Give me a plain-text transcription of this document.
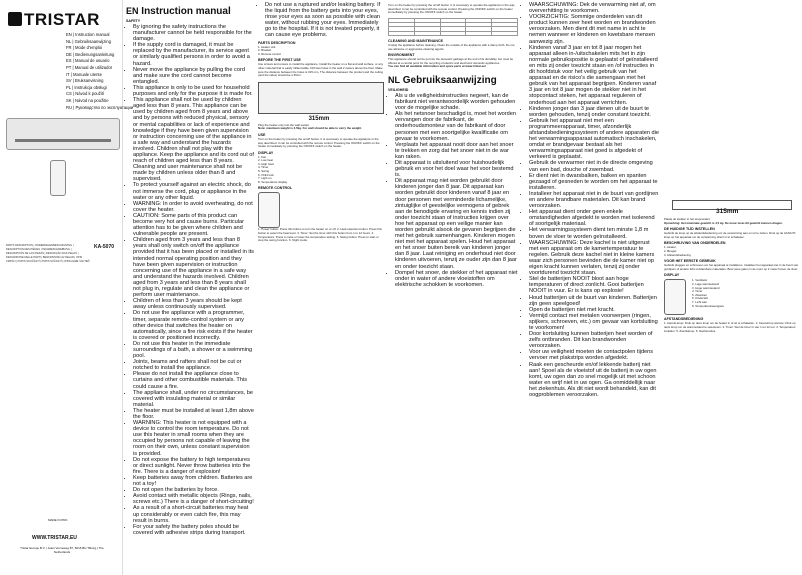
TRISTAR
EN | Instruction manual
NL | Gebruiksaanwijzing
FR | Mode d'emploi
DE | Bedienungsanleitung
ES | Manual de usuario
PT | Manual de utilizador
IT | Manuale utente
SV | Bruksanvisning
PL | Instrukcja obsługi
CS | Návod k použití
SK | Návod na použitie
RU | Руководство по эксплуатации
KA-5070
PARTS DESCRIPTION | ONDERDELENBESCHRIJVING | DESCRIPTION DES PIÈCES | TEILEBESCHREIBUNG | DESCRIPCIÓN DE LAS PIEZAS | DESCRIÇÃO DAS PEÇAS | DESCRIZIONE DELLE PARTI | BESKRIVNING AV DELAR | OPIS CZĘŚCI | POPIS SOUČÁSTÍ | POPIS SÚČASTÍ | ОПИСАНИЕ ЧАСТЕЙ
MADE IN PRC
WWW.TRISTAR.EU
Tristar Europe B.V. | Jules Verneweg 87, 5015 BH Tilburg | The Netherlands
EN Instruction manual
SAFETY
• By ignoring the safety instructions the manufacturer cannot be held responsible for the damage.
• If the supply cord is damaged, it must be replaced by the manufacturer, its service agent or similarly qualified persons in order to avoid a hazard.
• Never move the appliance by pulling the cord and make sure the cord cannot become entangled.
• This appliance is only to be used for household purposes and only for the purpose it is made for.
• This appliance shall not be used by children aged less than 8 years. This appliance can be used by children aged from 8 years and above and by persons with reduced physical, sensory or mental capabilities or lack of experience and knowledge if they have been given supervision or instruction concerning use of the appliance in a safe way and understand the hazards involved. Children shall not play with the appliance. Keep the appliance and its cord out of reach of children aged less than 8 years. Cleaning and user maintenance shall not be made by children unless older than 8 and supervised.
• To protect yourself against an electric shock, do not immerse the cord, plug or appliance in the water or any other liquid.
• WARNING: In order to avoid overheating, do not cover the heater.
• CAUTION: Some parts of this product can become very hot and cause burns. Particular attention has to be given where children and vulnerable people are present.
• Children aged from 3 years and less than 8 years shall only switch on/off the appliance provided that it has been placed or installed in its intended normal operating position and they have been given supervision or instruction concerning use of the appliance in a safe way and understand the hazards involved. Children aged from 3 years and less than 8 years shall not plug in, regulate and clean the appliance or perform user maintenance.
• Children of less than 3 years should be kept away unless continuously supervised.
• Do not use the appliance with a programmer, timer, separate remote-control system or any other device that switches the heater on automatically, since a fire risk exists if the heater is covered or positioned incorrectly.
• Do not use this heater in the immediate surroundings of a bath, a shower or a swimming pool.
• Joints, beams and rafters shall not be cut or notched to install the appliance.
• Please do not install the appliance close to curtains and other combustible materials. This could cause a fire.
• The appliance shall, under no circumstances, be covered with insulating material or similar material.
• The heater must be installed at least 1,8m above the floor.
• WARNING: This heater is not equipped with a device to control the room temperature. Do not use this heater in small rooms when they are occupied by persons not capable of leaving the room on their own, unless constant supervision is provided.
• Do not expose the battery to high temperatures or direct sunlight. Never throw batteries into the fire. There is a danger of explosion!
• Keep batteries away from children. Batteries are not a toy!
• Do not open the batteries by force.
• Avoid contact with metallic objects (Rings, nails, screws etc.) There is a danger of short-circuiting!
• As a result of a short-circuit batteries may heat up considerably or even catch fire, this may result in burns.
• For your safety the battery poles should be covered with adhesive strips during transport.
• Do not use a ruptured and/or leaking battery. If the liquid from the battery gets into your eyes, rinse your eyes as soon as possible with clean water, without rubbing your eyes. Immediately go to the hospital. If it is not treated properly, it can cause eye problems.
PARTS DESCRIPTION
1. Heater unit
2. Bracket
3. Remote control
BEFORE THE FIRST USE

Use screws and ensure to install the appliance. Install the heater on a flat and wall surface, or any other material that is easily inflammable. Drill two holes in the wall 2 meters above the floor. Make sure the distance between the holes is 315 mm. The distance between the product and the ceiling (and the sides) should be ≥ 50cm.

315mm

Plug the heater only into the wall socket

Note: maximum weight is 4.5kg. For wall should be able to carry the weight.

USE

Turn on the heater by pressing the on/off button. It is necessary to operate the appliance in the way described. It can be controlled with the remote control. Pressing the ON/OFF switch on the heater immediately by pressing the ON/OFF switch on the heater.

DISPLAY
1. Fan
2. Low heat
3. High heat
4. Timer
5. Swing
6. Child lock
7. Light on
8. Temperature display
REMOTE CONTROL

1. Power button: Press this button to turn the heater on or off. 2. Heat selection button: Press this button to select the heat level. 3. Timer: Set the timer with this button from 1 to 12 hours. 4. Temperature: Press to raise or lower the temperature setting. 5. Swing button: Press to start or stop the swing function. 6. Night mode.

Turn on the heater by pressing the on/off button. It is necessary to operate the appliance in the way described. It can be controlled with the remote control. Pressing the ON/OFF switch on the heater immediately by pressing the ON/OFF switch on the heater.

CLEANING AND MAINTENANCE

Unplug the appliance before cleaning. Clean the outside of the appliance with a damp cloth. Do not use abrasive or aggressive cleaning agents.

ENVIRONMENT

This appliance should not be put into the domestic garbage at the end of its durability, but must be offered at a central point for the recycling of electric and electronic domestic appliances.

You can find all available information and spare parts at www.tristar.eu!

NL Gebruiksaanwijzing
VEILIGHEID
• Als u de veiligheidsinstructies negeert, kan de fabrikant niet verantwoordelijk worden gehouden voor de mogelijke schade.
• Als het netsnoer beschadigd is, moet het worden vervangen door de fabrikant, de onderhoudsmonteur van de fabrikant of door personen met een soortgelijke kwalificatie om gevaar te voorkomen.
• Verplaats het apparaat nooit door aan het snoer te trekken en zorg dat het snoer niet in de war kan raken.
• Dit apparaat is uitsluitend voor huishoudelijk gebruik en voor het doel waar het voor bestemd is.
• Dit apparaat mag niet worden gebruikt door kinderen jonger dan 8 jaar. Dit apparaat kan worden gebruikt door kinderen vanaf 8 jaar en door personen met verminderde lichamelijke, zintuiglijke of geestelijke vermogens of gebrek aan de benodigde ervaring en kennis indien zij onder toezicht staan of instructies krijgen over hoe het apparaat op een veilige manier kan worden gebruikt alsook de gevaren begrijpen die met het gebruik samenhangen. Kinderen mogen niet met het apparaat spelen. Houd het apparaat en het snoer buiten bereik van kinderen jonger dan 8 jaar. Laat reiniging en onderhoud niet door kinderen uitvoeren, tenzij ze ouder zijn dan 8 jaar en onder toezicht staan.
• Dompel het snoer, de stekker of het apparaat niet onder in water of andere vloeistoffen om elektrische schokken te voorkomen.
• WAARSCHUWING: Dek de verwarming niet af, om oververhitting te voorkomen.
• VOORZICHTIG: Sommige onderdelen van dit product kunnen zeer heet worden en brandwonden veroorzaken. Men dient dit met name in acht te nemen wanneer er kinderen en kwetsbare mensen aanwezig zijn.
• Kinderen vanaf 3 jaar en tot 8 jaar mogen het apparaat alleen in-/uitschakelen mits het in zijn normale gebruikspositie is geplaatst of geïnstalleerd en mits zij onder toezicht staan en /of instructies in dit hoofdstuk voor het veilig gebruik van het apparaat en de risico's die samengaan met het gebruik van het apparaat begrijpen. Kinderen vanaf 3 jaar en tot 8 jaar mogen de stekker niet in het stopcontact steken, het apparaat reguleren of onderhoud aan het apparaat verrichten.
• Kinderen jonger dan 3 jaar dienen uit de buurt te worden gehouden, tenzij onder constant toezicht.
• Gebruik het apparaat niet met een programmeerapparaat, timer, afzonderlijk afstandsbedieningssysteem of andere apparaten die het verwarmingsapparaat automatisch inschakelen, omdat er brandgevaar bestaat als het verwarmingsapparaat niet goed is afgedekt of verkeerd is geplaatst.
• Gebruik de verwarmer niet in de directe omgeving van een bad, douche of zwembad.
• Er dient niet in dwarsbalken, balken en spanten gezaagd of gesneden te worden om het apparaat te installeren.
• Installeer het apparaat niet in de buurt van gordijnen en andere brandbare materialen. Dit kan brand veroorzaken.
• Het apparaat dient onder geen enkele omstandigheden afgedekt te worden met isolerend of soortgelijk materiaal.
• Het verwarmingssysteem dient ten minste 1,8 m boven de vloer te worden geïnstalleerd.
• WAARSCHUWING: Deze kachel is niet uitgerust met een apparaat om de kamertemperatuur te regelen. Gebruik deze kachel niet in kleine kamers waar zich personen bevinden die de kamer niet op eigen kracht kunnen verlaten, tenzij zij onder voortdurend toezicht staan.
• Stel de batterijen NOOIT bloot aan hoge temperaturen of direct zonlicht. Gooi batterijen NOOIT in vuur. Er is kans op explosie!
• Houd batterijen uit de buurt van kinderen. Batterijen zijn geen speelgoed!
• Open de batterijen niet met kracht.
• Vermijd contact met metalen voorwerpen (ringen, spijkers, schroeven, etc.) om gevaar van kortsluiting te voorkomen!
• Door kortsluiting kunnen batterijen heet worden of zelfs ontbranden. Dit kan brandwonden veroorzaken.
• Voor uw veiligheid moeten de contactpolen tijdens vervoer met plakstrips worden afgedekt.
• Raak een gescheurde en/of lekkende batterij niet aan! Spoel als de vloeistof uit de batterij in uw ogen komt, uw ogen dan zo snel mogelijk uit met schoon water en wrijf niet in uw ogen. Ga onmiddellijk naar het ziekenhuis. Als dit niet wordt behandeld, kan dit oogproblemen veroorzaken.
315mm

Plaats de stekker in het stopcontact.

Opmerking: Het maximale gewicht is 4,5 kg. De muur moet dit gewicht kunnen dragen.

DE HUIDIGE TIJD INSTELLEN

Gebruik de knop op de afstandsbediening om de verwarming aan en uit te zetten. Druk op de AAN/UIT-knop op het apparaat om de verwarming direct in te schakelen.

BESCHRIJVING VAN ONDERDELEN
1. Heater
2. Beugel
3. Afstandsbediening
VOOR HET EERSTE GEBRUIK

Gebruik pluggen en schroeven om het apparaat te installeren. Installeer het apparaat niet in de buurt van gordijnen of andere licht ontvlambare materialen. Boor twee gaten in de muur op 2 meter boven de vloer.

DISPLAY
1. Ventilator
2. Lage warmtestand
3. Hoge warmtestand
4. Timer
5. Zwenken
6. Kinderslot
7. Licht aan
8. Temperatuurweergave
AFSTANDSBEDIENING

1. Aan/uit-knop: Druk op deze knop om de heater in of uit te schakelen. 2. Keuzeknop warmte: Druk op deze knop om de warmtestand te selecteren. 3. Timer: Stel de timer in van 1 tot 12 uur. 4. Temperatuur instellen. 5. Zwenkknop. 6. Nachtmodus.
